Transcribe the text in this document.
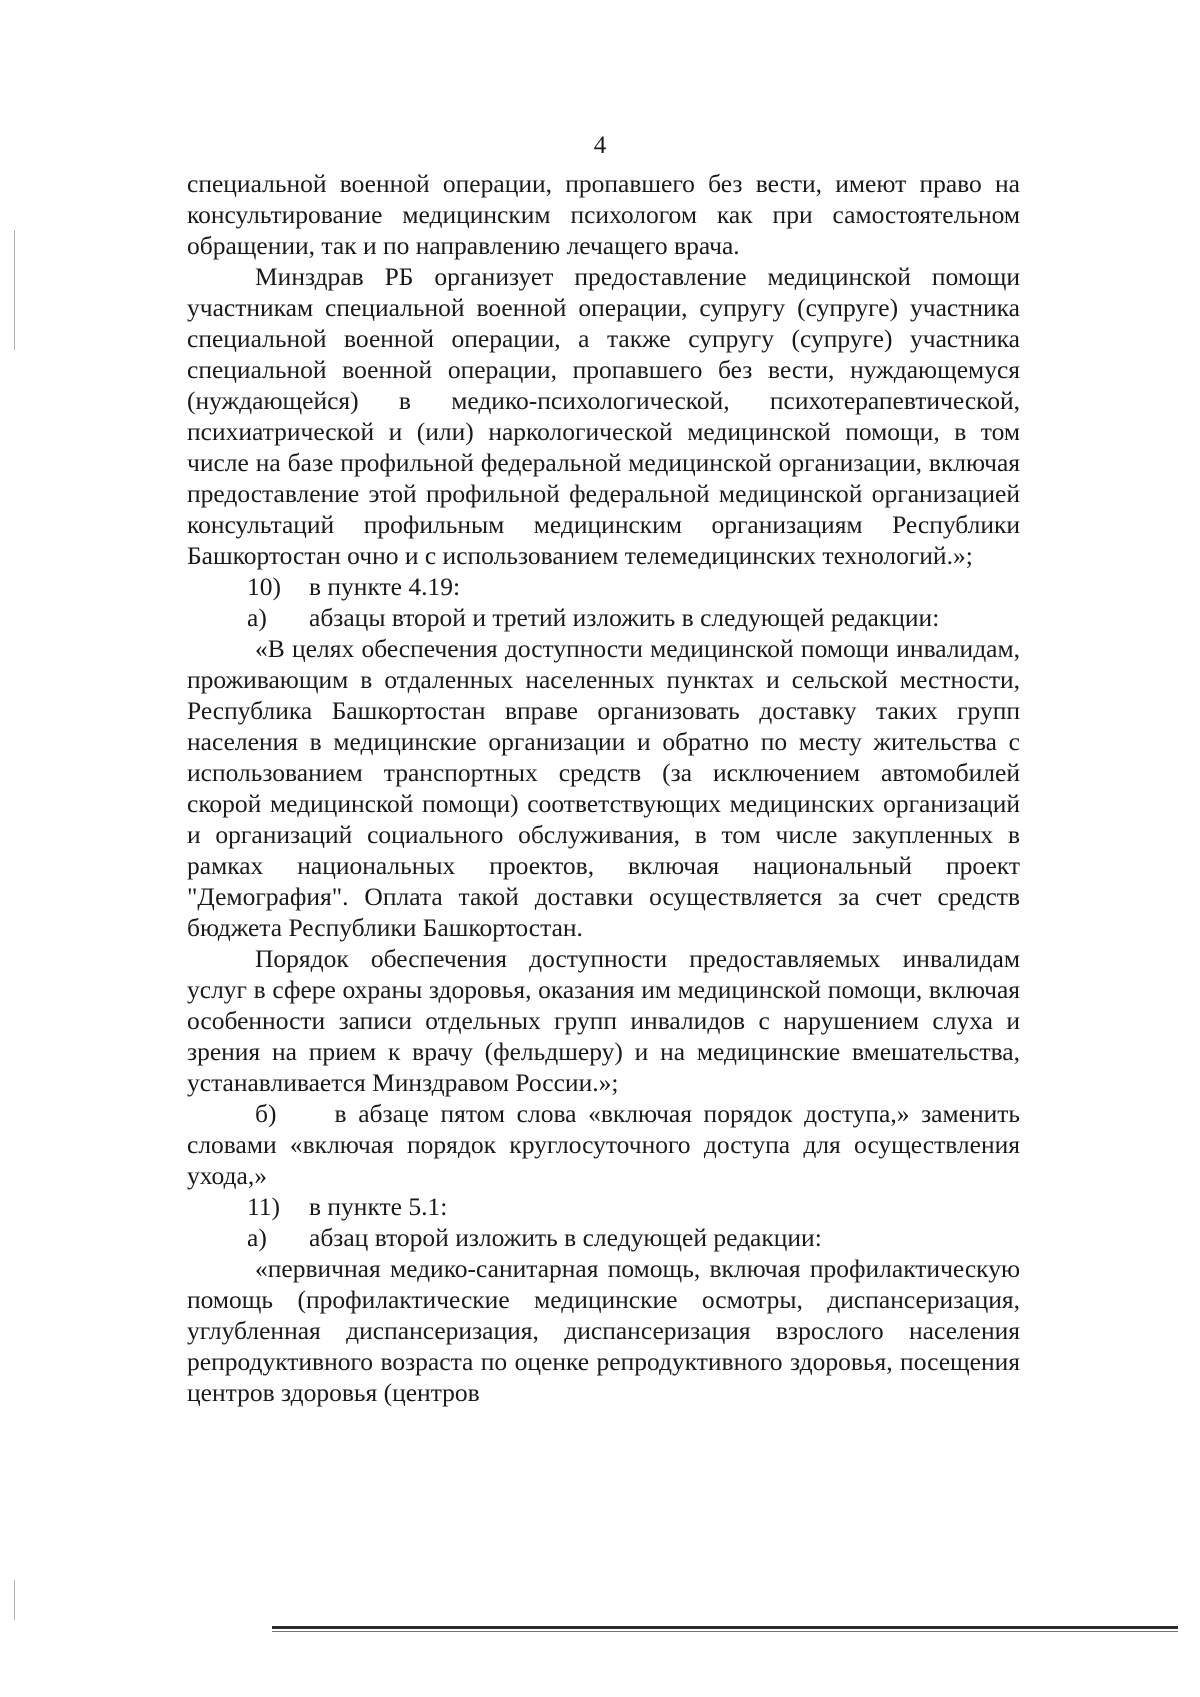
4

специальной военной операции, пропавшего без вести, имеют право на консультирование медицинским психологом как при самостоятельном обращении, так и по направлению лечащего врача.

Минздрав РБ организует предоставление медицинской помощи участникам специальной военной операции, супругу (супруге) участника специальной военной операции, а также супругу (супруге) участника специальной военной операции, пропавшего без вести, нуждающемуся (нуждающейся) в медико-психологической, психотерапевтической, психиатрической и (или) наркологической медицинской помощи, в том числе на базе профильной федеральной медицинской организации, включая предоставление этой профильной федеральной медицинской организацией консультаций профильным медицинским организациям Республики Башкортостан очно и с использованием телемедицинских технологий.»;

10)	в пункте 4.19:
а)	абзацы второй и третий изложить в следующей редакции:

«В целях обеспечения доступности медицинской помощи инвалидам, проживающим в отдаленных населенных пунктах и сельской местности, Республика Башкортостан вправе организовать доставку таких групп населения в медицинские организации и обратно по месту жительства с использованием транспортных средств (за исключением автомобилей скорой медицинской помощи) соответствующих медицинских организаций и организаций социального обслуживания, в том числе закупленных в рамках национальных проектов, включая национальный проект "Демография". Оплата такой доставки осуществляется за счет средств бюджета Республики Башкортостан.

Порядок обеспечения доступности предоставляемых инвалидам услуг в сфере охраны здоровья, оказания им медицинской помощи, включая особенности записи отдельных групп инвалидов с нарушением слуха и зрения на прием к врачу (фельдшеру) и на медицинские вмешательства, устанавливается Минздравом России.»;

б) в абзаце пятом слова «включая порядок доступа,» заменить словами «включая порядок круглосуточного доступа для осуществления ухода,»

11)	в пункте 5.1:
а)	абзац второй изложить в следующей редакции:

«первичная медико-санитарная помощь, включая профилактическую помощь (профилактические медицинские осмотры, диспансеризация, углубленная диспансеризация, диспансеризация взрослого населения репродуктивного возраста по оценке репродуктивного здоровья, посещения центров здоровья (центров
